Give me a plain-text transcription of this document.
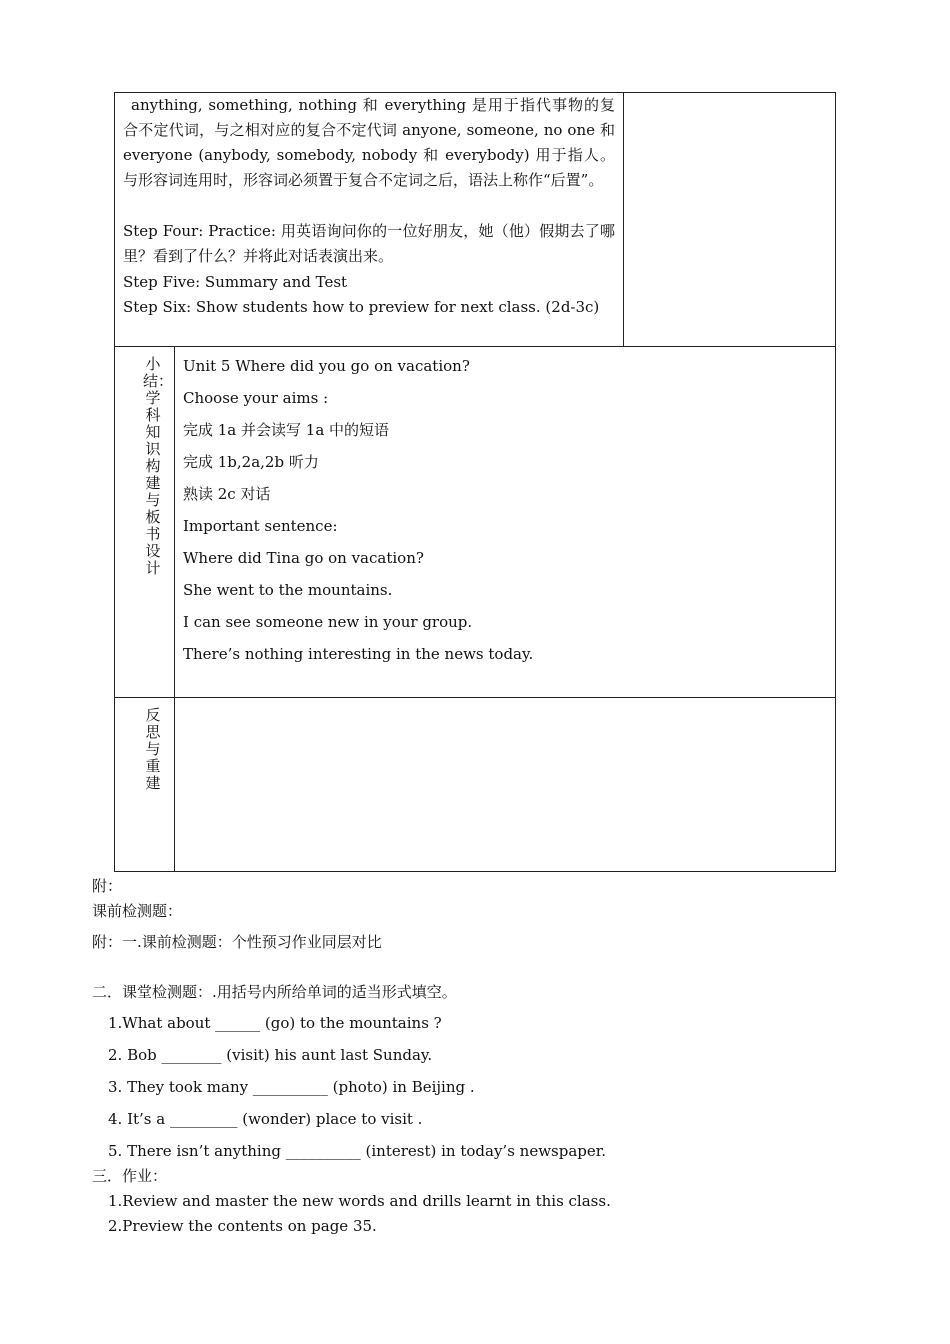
anything, something, nothing 和 everything 是用于指代事物的复合不定代词，与之相对应的复合不定代词 anyone, someone, no one 和 everyone (anybody, somebody, nobody 和 everybody) 用于指人。与形容词连用时，形容词必须置于复合不定词之后，语法上称作“后置”。
Step Four: Practice: 用英语询问你的一位好朋友，她（他）假期去了哪里？看到了什么？并将此对话表演出来。
Step Five: Summary and Test
Step Six: Show students how to preview for next class. (2d-3c)
小结：学科知识构建与板书设计
Unit 5 Where did you go on vacation?
Choose your aims :
完成 1a 并会读写 1a 中的短语
完成 1b,2a,2b 听力
熟读 2c 对话
Important sentence:
Where did Tina go on vacation?
She went to the mountains.
I can see someone new in your group.
There’s nothing interesting in the news today.
反思与重建
附：
课前检测题：
附：一.课前检测题：个性预习作业同层对比
二．课堂检测题：.用括号内所给单词的适当形式填空。
1.What about ______ (go) to the mountains ?
2. Bob ________ (visit) his aunt last Sunday.
3. They took many __________ (photo) in Beijing .
4. It’s a _________ (wonder) place to visit .
5. There isn’t anything __________ (interest) in today’s newspaper.
三．作业：
1.Review and master the new words and drills learnt in this class.
2.Preview the contents on page 35.
